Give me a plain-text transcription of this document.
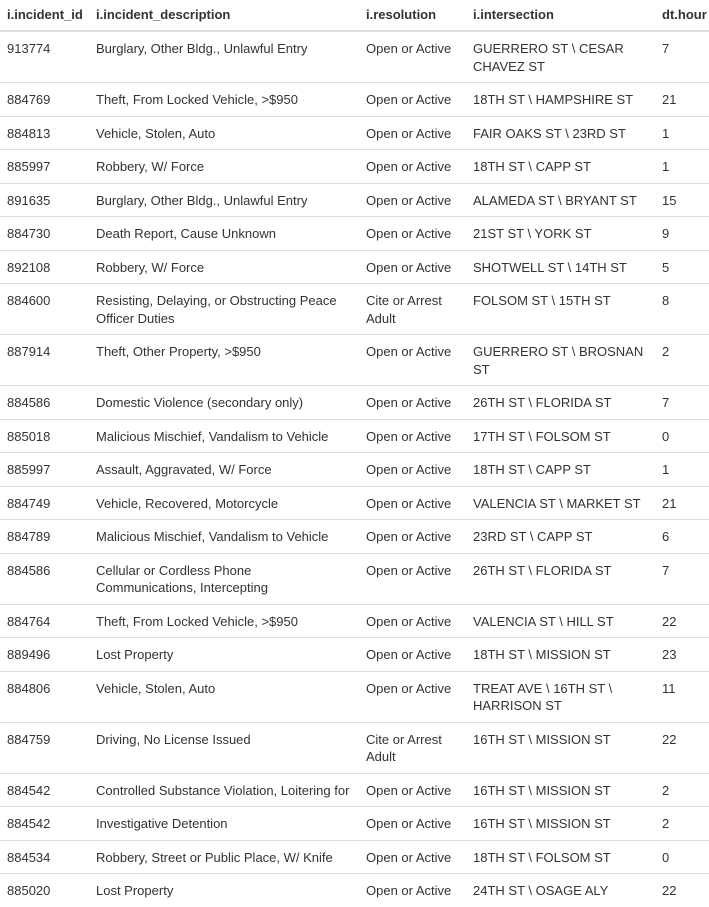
i.incident_id	i.incident_description	i.resolution	i.intersection	dt.hour
913774	Burglary, Other Bldg., Unlawful Entry	Open or Active	GUERRERO ST \ CESAR CHAVEZ ST	7
884769	Theft, From Locked Vehicle, >$950	Open or Active	18TH ST \ HAMPSHIRE ST	21
884813	Vehicle, Stolen, Auto	Open or Active	FAIR OAKS ST \ 23RD ST	1
885997	Robbery, W/ Force	Open or Active	18TH ST \ CAPP ST	1
891635	Burglary, Other Bldg., Unlawful Entry	Open or Active	ALAMEDA ST \ BRYANT ST	15
884730	Death Report, Cause Unknown	Open or Active	21ST ST \ YORK ST	9
892108	Robbery, W/ Force	Open or Active	SHOTWELL ST \ 14TH ST	5
884600	Resisting, Delaying, or Obstructing Peace Officer Duties	Cite or Arrest Adult	FOLSOM ST \ 15TH ST	8
887914	Theft, Other Property, >$950	Open or Active	GUERRERO ST \ BROSNAN ST	2
884586	Domestic Violence (secondary only)	Open or Active	26TH ST \ FLORIDA ST	7
885018	Malicious Mischief, Vandalism to Vehicle	Open or Active	17TH ST \ FOLSOM ST	0
885997	Assault, Aggravated, W/ Force	Open or Active	18TH ST \ CAPP ST	1
884749	Vehicle, Recovered, Motorcycle	Open or Active	VALENCIA ST \ MARKET ST	21
884789	Malicious Mischief, Vandalism to Vehicle	Open or Active	23RD ST \ CAPP ST	6
884586	Cellular or Cordless Phone Communications, Intercepting	Open or Active	26TH ST \ FLORIDA ST	7
884764	Theft, From Locked Vehicle, >$950	Open or Active	VALENCIA ST \ HILL ST	22
889496	Lost Property	Open or Active	18TH ST \ MISSION ST	23
884806	Vehicle, Stolen, Auto	Open or Active	TREAT AVE \ 16TH ST \ HARRISON ST	11
884759	Driving, No License Issued	Cite or Arrest Adult	16TH ST \ MISSION ST	22
884542	Controlled Substance Violation, Loitering for	Open or Active	16TH ST \ MISSION ST	2
884542	Investigative Detention	Open or Active	16TH ST \ MISSION ST	2
884534	Robbery, Street or Public Place, W/ Knife	Open or Active	18TH ST \ FOLSOM ST	0
885020	Lost Property	Open or Active	24TH ST \ OSAGE ALY	22
